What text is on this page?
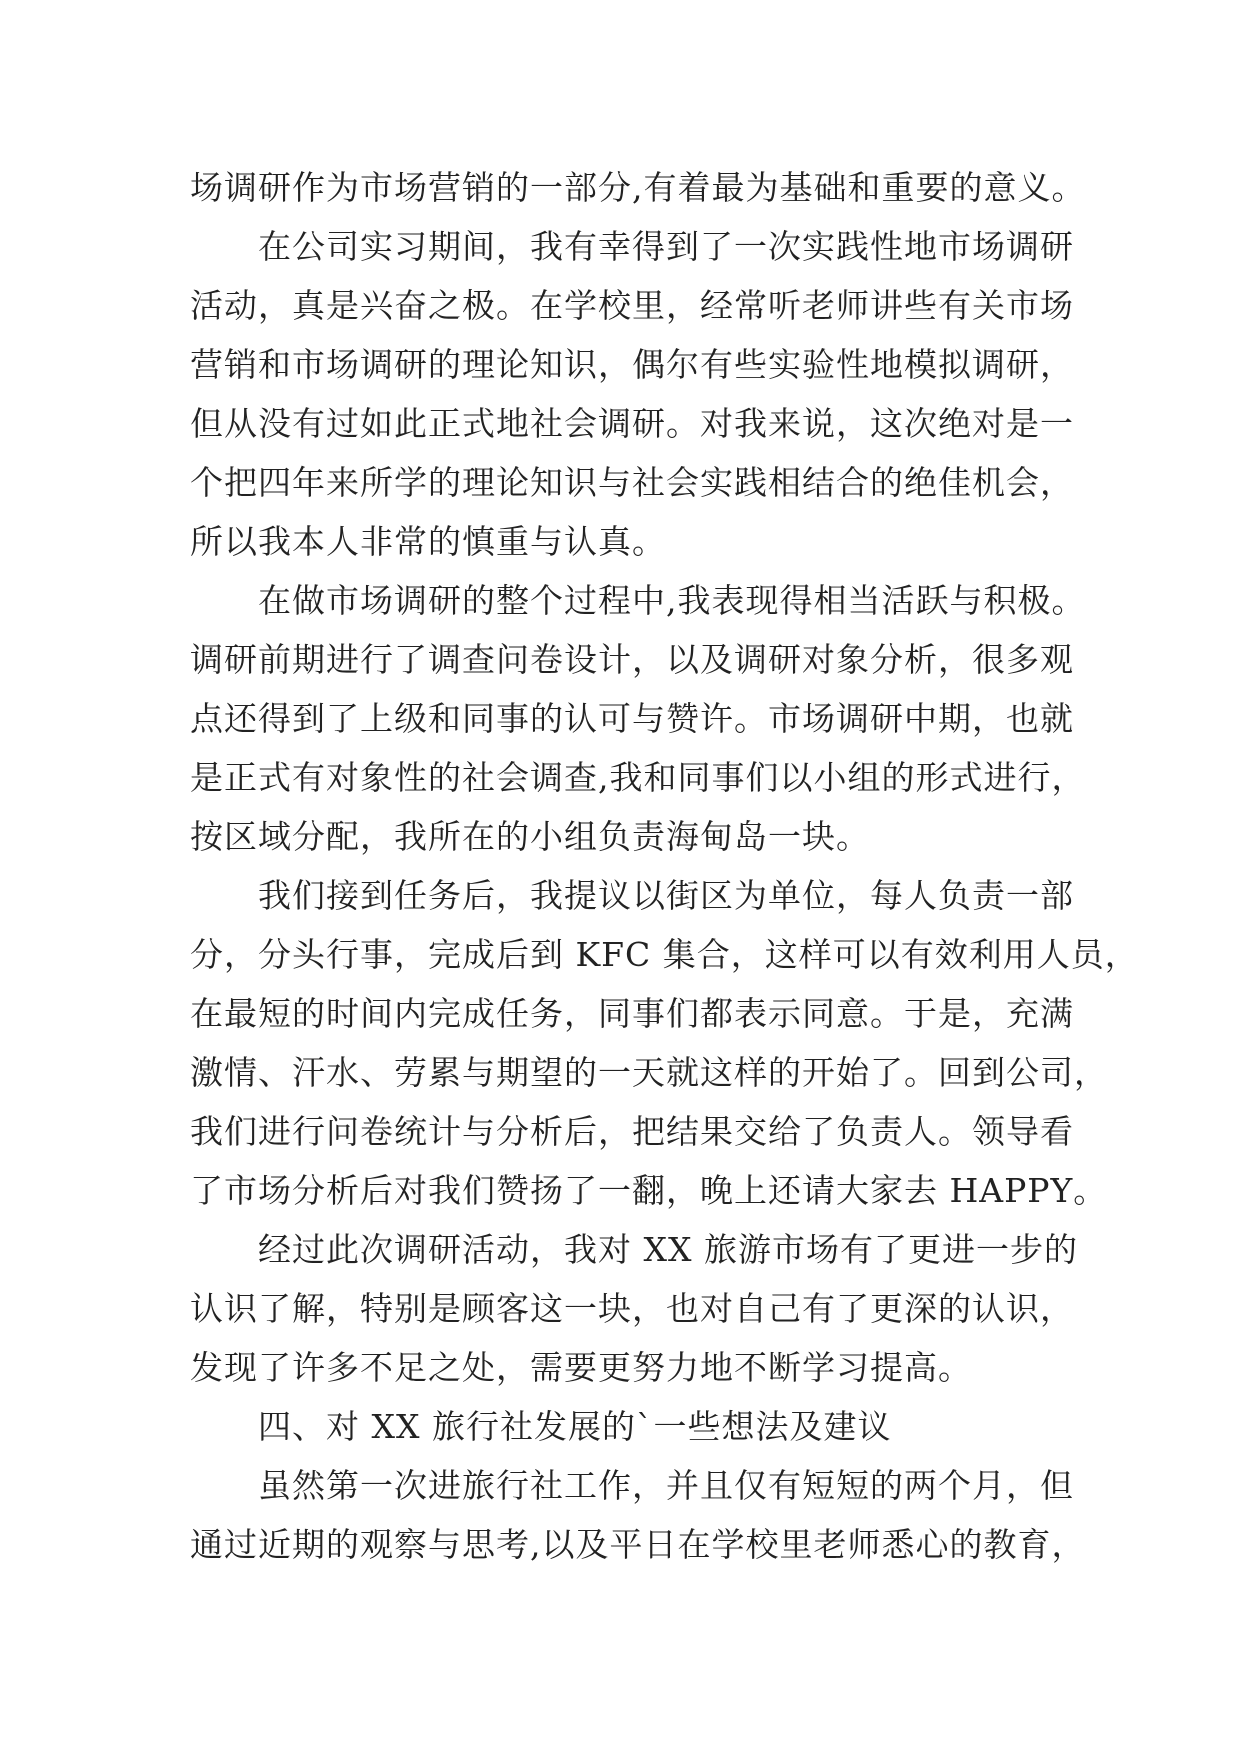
场调研作为市场营销的一部分,有着最为基础和重要的意义。
在公司实习期间，我有幸得到了一次实践性地市场调研
活动，真是兴奋之极。在学校里，经常听老师讲些有关市场
营销和市场调研的理论知识，偶尔有些实验性地模拟调研，
但从没有过如此正式地社会调研。对我来说，这次绝对是一
个把四年来所学的理论知识与社会实践相结合的绝佳机会，
所以我本人非常的慎重与认真。
在做市场调研的整个过程中,我表现得相当活跃与积极。
调研前期进行了调查问卷设计，以及调研对象分析，很多观
点还得到了上级和同事的认可与赞许。市场调研中期，也就
是正式有对象性的社会调查,我和同事们以小组的形式进行，
按区域分配，我所在的小组负责海甸岛一块。
我们接到任务后，我提议以街区为单位，每人负责一部
分，分头行事，完成后到 KFC 集合，这样可以有效利用人员，
在最短的时间内完成任务，同事们都表示同意。于是，充满
激情、汗水、劳累与期望的一天就这样的开始了。回到公司，
我们进行问卷统计与分析后，把结果交给了负责人。领导看
了市场分析后对我们赞扬了一翻，晚上还请大家去 HAPPY。
经过此次调研活动，我对 XX 旅游市场有了更进一步的
认识了解，特别是顾客这一块，也对自己有了更深的认识，
发现了许多不足之处，需要更努力地不断学习提高。
四、对 XX 旅行社发展的`一些想法及建议
虽然第一次进旅行社工作，并且仅有短短的两个月，但
通过近期的观察与思考,以及平日在学校里老师悉心的教育，
